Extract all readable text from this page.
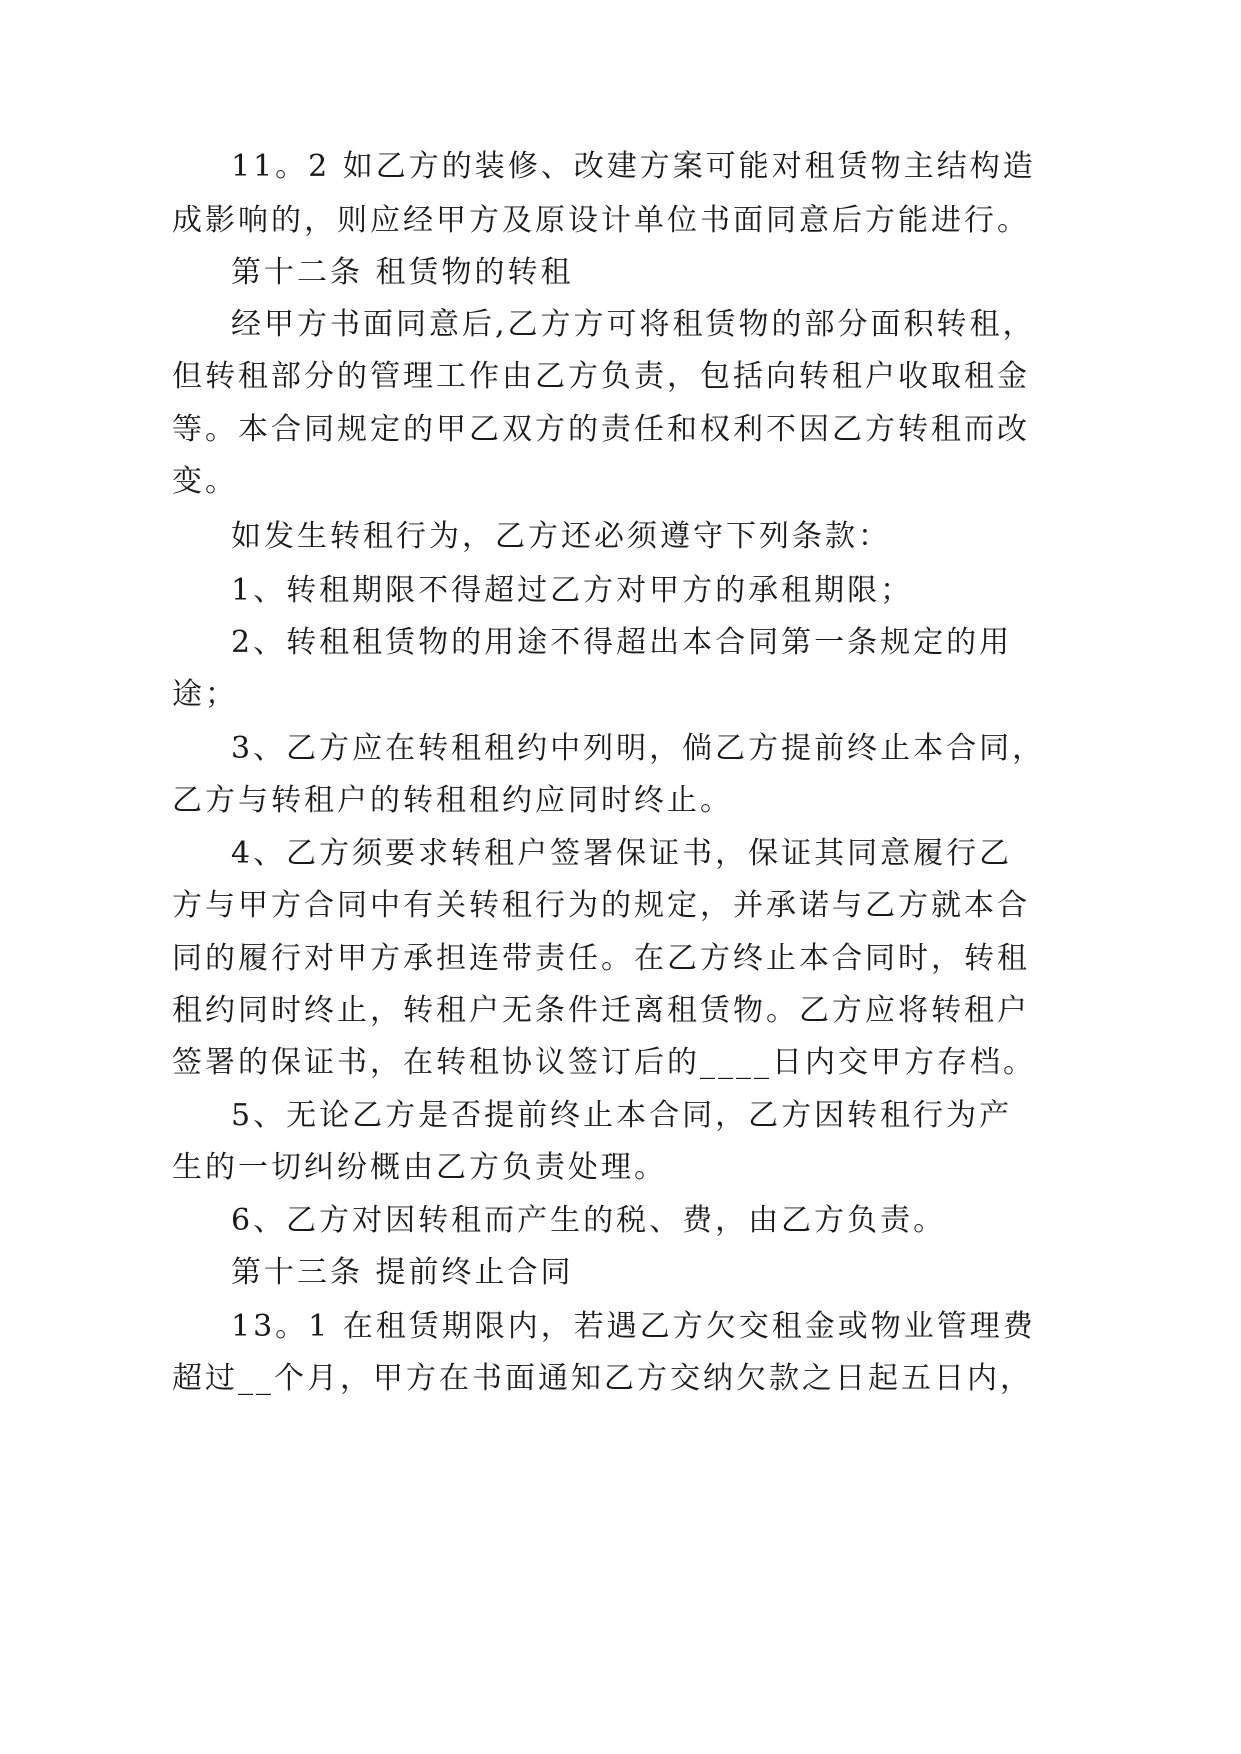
11。2 如乙方的装修、改建方案可能对租赁物主结构造

成影响的，则应经甲方及原设计单位书面同意后方能进行。

第十二条 租赁物的转租

经甲方书面同意后,乙方方可将租赁物的部分面积转租，

但转租部分的管理工作由乙方负责，包括向转租户收取租金

等。本合同规定的甲乙双方的责任和权利不因乙方转租而改

变。

如发生转租行为，乙方还必须遵守下列条款：

1、转租期限不得超过乙方对甲方的承租期限；

2、转租租赁物的用途不得超出本合同第一条规定的用

途；

3、乙方应在转租租约中列明，倘乙方提前终止本合同，

乙方与转租户的转租租约应同时终止。

4、乙方须要求转租户签署保证书，保证其同意履行乙

方与甲方合同中有关转租行为的规定，并承诺与乙方就本合

同的履行对甲方承担连带责任。在乙方终止本合同时，转租

租约同时终止，转租户无条件迁离租赁物。乙方应将转租户

签署的保证书，在转租协议签订后的____日内交甲方存档。

5、无论乙方是否提前终止本合同，乙方因转租行为产

生的一切纠纷概由乙方负责处理。

6、乙方对因转租而产生的税、费，由乙方负责。

第十三条 提前终止合同

13。1 在租赁期限内，若遇乙方欠交租金或物业管理费

超过__个月，甲方在书面通知乙方交纳欠款之日起五日内，
